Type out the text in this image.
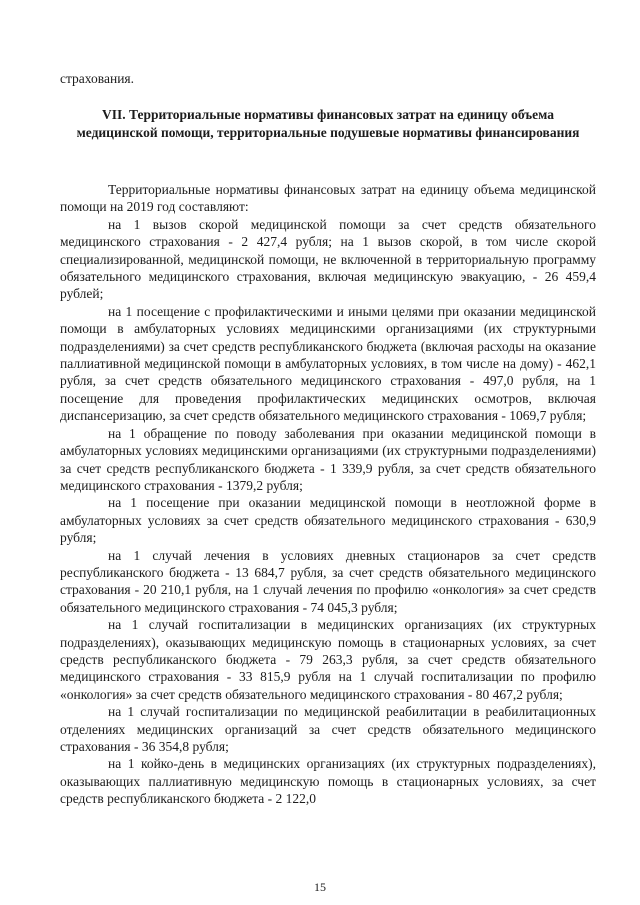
страхования.
VII. Территориальные нормативы финансовых затрат на единицу объема медицинской помощи, территориальные подушевые нормативы финансирования

Территориальные нормативы финансовых затрат на единицу объема медицинской помощи на 2019 год составляют:

на 1 вызов скорой медицинской помощи за счет средств обязательного медицинского страхования - 2 427,4 рубля; на 1 вызов скорой, в том числе скорой специализированной, медицинской помощи, не включенной в территориальную программу обязательного медицинского страхования, включая медицинскую эвакуацию, - 26 459,4 рублей;

на 1 посещение с профилактическими и иными целями при оказании медицинской помощи в амбулаторных условиях медицинскими организациями (их структурными подразделениями) за счет средств республиканского бюджета (включая расходы на оказание паллиативной медицинской помощи в амбулаторных условиях, в том числе на дому) - 462,1 рубля, за счет средств обязательного медицинского страхования - 497,0 рубля, на 1 посещение для проведения профилактических медицинских осмотров, включая диспансеризацию, за счет средств обязательного медицинского страхования - 1069,7 рубля;

на 1 обращение по поводу заболевания при оказании медицинской помощи в амбулаторных условиях медицинскими организациями (их структурными подразделениями) за счет средств республиканского бюджета - 1 339,9 рубля, за счет средств обязательного медицинского страхования - 1379,2 рубля;

на 1 посещение при оказании медицинской помощи в неотложной форме в амбулаторных условиях за счет средств обязательного медицинского страхования - 630,9 рубля;

на 1 случай лечения в условиях дневных стационаров за счет средств республиканского бюджета - 13 684,7 рубля, за счет средств обязательного медицинского страхования - 20 210,1 рубля, на 1 случай лечения по профилю «онкология» за счет средств обязательного медицинского страхования - 74 045,3 рубля;

на 1 случай госпитализации в медицинских организациях (их структурных подразделениях), оказывающих медицинскую помощь в стационарных условиях, за счет средств республиканского бюджета - 79 263,3 рубля, за счет средств обязательного медицинского страхования - 33 815,9 рубля на 1 случай госпитализации по профилю «онкология» за счет средств обязательного медицинского страхования - 80 467,2 рубля;

на 1 случай госпитализации по медицинской реабилитации в реабилитационных отделениях медицинских организаций за счет средств обязательного медицинского страхования - 36 354,8 рубля;

на 1 койко-день в медицинских организациях (их структурных подразделениях), оказывающих паллиативную медицинскую помощь в стационарных условиях, за счет средств республиканского бюджета - 2 122,0

15
